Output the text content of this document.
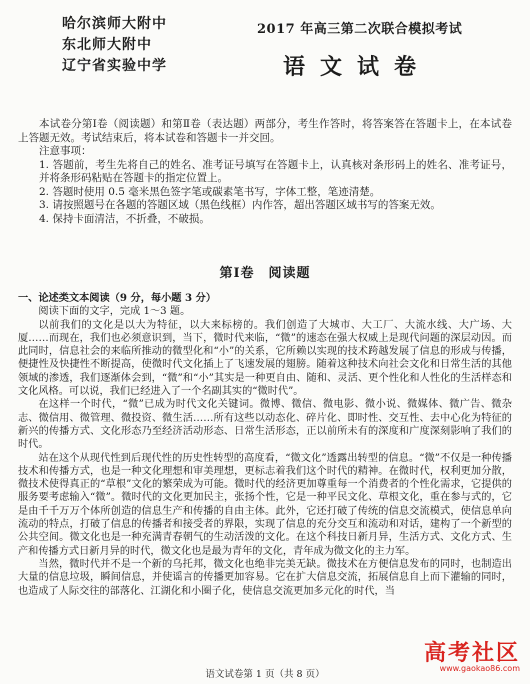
哈尔滨师大附中
东北师大附中
辽宁省实验中学
2017 年高三第二次联合模拟考试
语文试卷

本试卷分第Ⅰ卷（阅读题）和第Ⅱ卷（表达题）两部分，考生作答时，将答案答在答题卡上，在本试卷上答题无效。考试结束后，将本试卷和答题卡一并交回。

注意事项：

1. 答题前，考生先将自己的姓名、准考证号填写在答题卡上，认真核对条形码上的姓名、准考证号，并将条形码粘贴在答题卡的指定位置上。

2. 答题时使用 0.5 毫米黑色签字笔或碳素笔书写，字体工整，笔迹清楚。

3. 请按照题号在各题的答题区域（黑色线框）内作答，超出答题区域书写的答案无效。

4. 保持卡面清洁，不折叠，不破损。

第Ⅰ卷　阅读题

一、论述类文本阅读（9 分，每小题 3 分）

阅读下面的文字，完成 1～3 题。

以前我们的文化是以大为特征，以大来标榜的。我们创造了大城市、大工厂、大流水线、大广场、大厦……而现在，我们也必须意识到，当下，微时代来临，“微”的速态在强大权威上是现代问题的深层动因。而此同时，信息社会的来临所推动的微型化和“小”的关系，它所赖以实现的技术跨越发展了信息的形成与传播，便捷性及快捷性不断提高，使微时代文化插上了飞速发展的翅膀。随着这种技术向社会文化和日常生活的其他领域的渗透，我们逐渐体会到，“微”和“小”其实是一种更自由、随和、灵活、更个性化和人性化的生活样态和文化风格。可以说，我们已经进入了一个名副其实的“微时代”。

在这样一个时代，“微”已成为时代文化关键词。微博、微信、微电影、微小说、微媒体、微广告、微杂志、微信用、微管理、微投资、微生活……所有这些以动态化、碎片化、即时性、交互性、去中心化为特征的新兴的传播方式、文化形态乃至经济活动形态、日常生活形态，正以前所未有的深度和广度深刻影响了我们的时代。

站在这个从现代性到后现代性的历史性转型的高度看，“微文化”透露出转型的信息。“微”不仅是一种传播技术和传播方式，也是一种文化理想和审美理想，更标志着我们这个时代的精神。在微时代，权利更加分散，微技术使得真正的“草根”文化的繁荣成为可能。微时代的经济更加尊重每一个消费者的个性化需求，它提供的服务要考虑输入“微”。微时代的文化更加民主，张扬个性，它是一种平民文化、草根文化，重在参与式的，它是由千千万万个体所创造的信息生产和传播的自由主体。此外，它还打破了传统的信息交流模式，使信息单向流动的特点，打破了信息的传播者和接受者的界限，实现了信息的充分交互和流动和对话，建构了一个新型的公共空间。微文化也是一种充满青春朝气的生动活泼的文化。在这个科技日新月异，生活方式、文化方式、生产和传播方式日新月异的时代，微文化也是最为青年的文化，青年成为微文化的主力军。

当然，微时代并不是一个新的乌托邦，微文化也绝非完美无缺。微技术在方便信息发布的同时，也制造出大量的信息垃圾，瞬间信息，并使谣言的传播更加容易。它在扩大信息交流，拓展信息自上而下灌输的同时，也造成了人际交往的部落化、江湖化和小圈子化，使信息交流更加多元化的时代，当

语文试卷第 1 页（共 8 页）
高考社区
www.gaokao86.com
